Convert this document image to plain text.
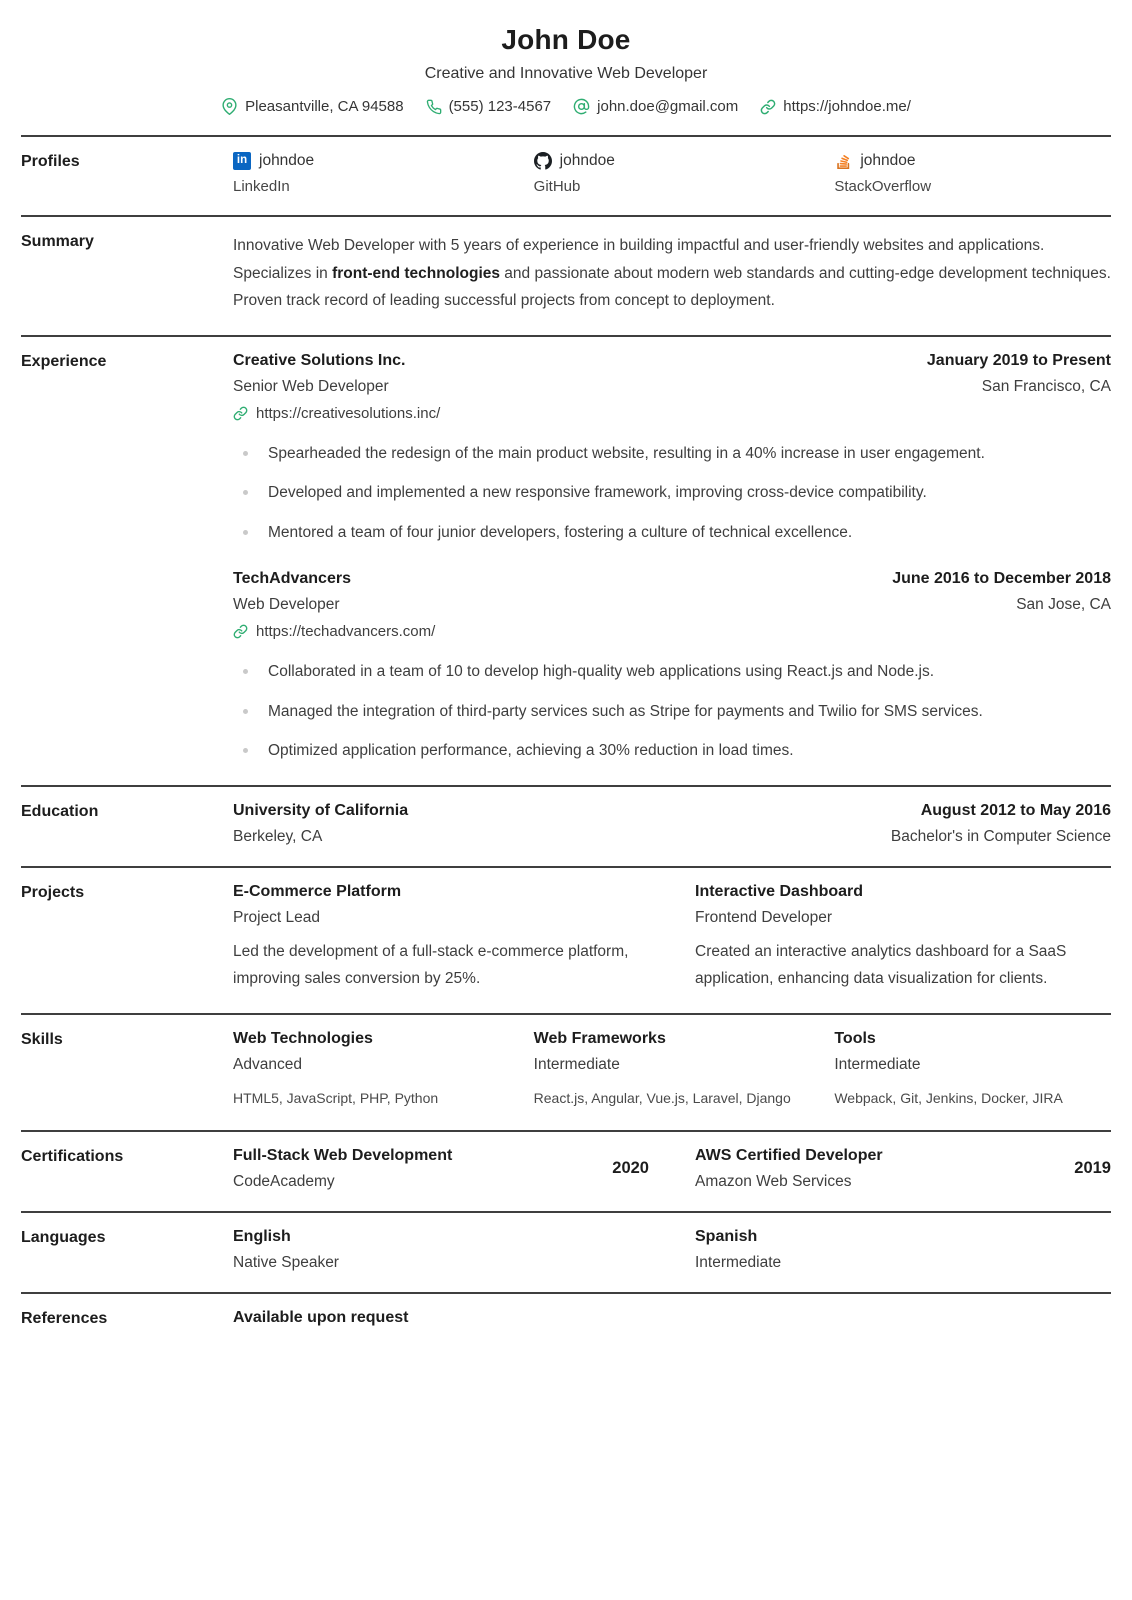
John Doe
Creative and Innovative Web Developer
Pleasantville, CA 94588	(555) 123-4567	john.doe@gmail.com	https://johndoe.me/
Profiles	in johndoe
LinkedIn
johndoe
GitHub
johndoe
StackOverflow
Summary	Innovative Web Developer with 5 years of experience in building impactful and user-friendly websites and applications. Specializes in front-end technologies and passionate about modern web standards and cutting-edge development techniques. Proven track record of leading successful projects from concept to deployment.
Experience	Creative Solutions Inc.	January 2019 to Present
Senior Web Developer	San Francisco, CA
https://creativesolutions.inc/
Spearheaded the redesign of the main product website, resulting in a 40% increase in user engagement.
Developed and implemented a new responsive framework, improving cross-device compatibility.
Mentored a team of four junior developers, fostering a culture of technical excellence.
TechAdvancers	June 2016 to December 2018
Web Developer	San Jose, CA
https://techadvancers.com/
Collaborated in a team of 10 to develop high-quality web applications using React.js and Node.js.
Managed the integration of third-party services such as Stripe for payments and Twilio for SMS services.
Optimized application performance, achieving a 30% reduction in load times.
Education	University of California	August 2012 to May 2016
Berkeley, CA	Bachelor's in Computer Science
Projects	E-Commerce Platform
Project Lead
Led the development of a full-stack e-commerce platform, improving sales conversion by 25%.
Interactive Dashboard
Frontend Developer
Created an interactive analytics dashboard for a SaaS application, enhancing data visualization for clients.
Skills	Web Technologies
Advanced
HTML5, JavaScript, PHP, Python
Web Frameworks
Intermediate
React.js, Angular, Vue.js, Laravel, Django
Tools
Intermediate
Webpack, Git, Jenkins, Docker, JIRA
Certifications	Full-Stack Web Development
CodeAcademy
2020
AWS Certified Developer
Amazon Web Services
2019
Languages	English
Native Speaker
Spanish
Intermediate
References	Available upon request
